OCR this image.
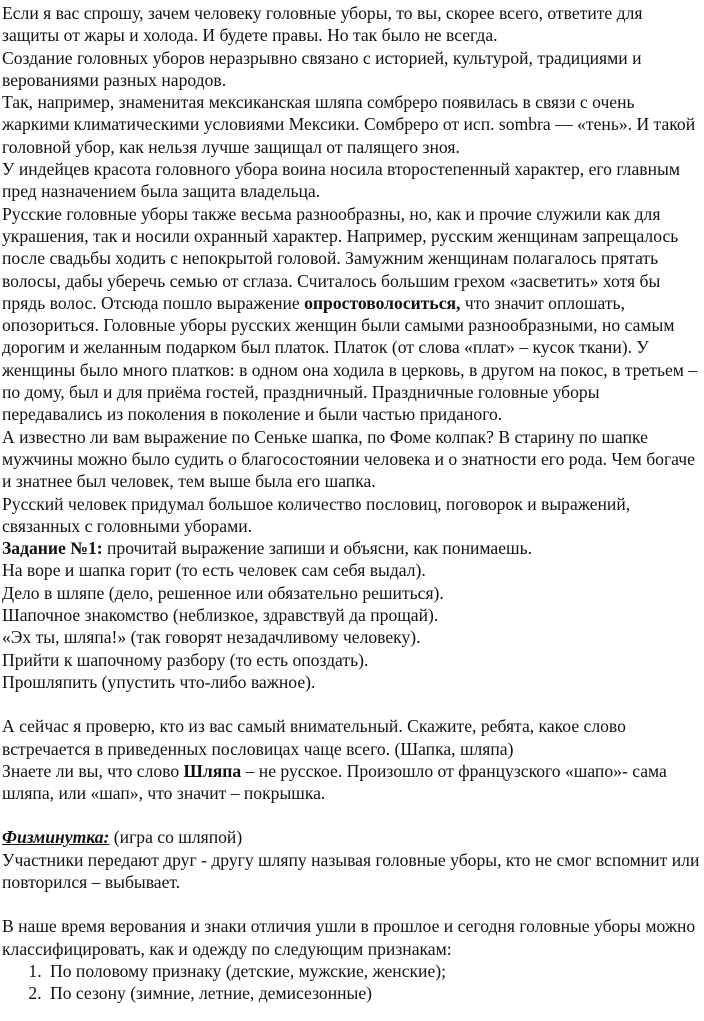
Если я вас спрошу, зачем человеку головные уборы, то вы, скорее всего, ответите для защиты от жары и холода. И будете правы. Но так было не всегда.

Создание головных уборов неразрывно связано с историей, культурой, традициями и верованиями разных народов.

Так, например, знаменитая мексиканская шляпа сомбреро появилась в связи с очень жаркими климатическими условиями Мексики. Сомбреро от исп. sombra — «тень». И такой головной убор, как нельзя лучше защищал от палящего зноя.

У индейцев красота головного убора воина носила второстепенный характер, его главным пред назначением была защита владельца.

Русские головные уборы также весьма разнообразны, но, как и прочие служили как для украшения, так и носили охранный характер. Например, русским женщинам запрещалось после свадьбы ходить с непокрытой головой. Замужним женщинам полагалось прятать волосы, дабы уберечь семью от сглаза. Считалось большим грехом «засветить» хотя бы прядь волос. Отсюда пошло выражение опростоволоситься, что значит оплошать, опозориться. Головные уборы русских женщин были самыми разнообразными, но самым дорогим и желанным подарком был платок. Платок (от слова «плат» – кусок ткани). У женщины было много платков: в одном она ходила в церковь, в другом на покос, в третьем – по дому, был и для приёма гостей, праздничный. Праздничные головные уборы передавались из поколения в поколение и были частью приданого.

А известно ли вам выражение по Сеньке шапка, по Фоме колпак? В старину по шапке мужчины можно было судить о благосостоянии человека и о знатности его рода. Чем богаче и знатнее был человек, тем выше была его шапка.

Русский человек придумал большое количество пословиц, поговорок и выражений, связанных с головными уборами.

Задание №1: прочитай выражение запиши и объясни, как понимаешь.

На воре и шапка горит (то есть человек сам себя выдал).

Дело в шляпе (дело, решенное или обязательно решиться).

Шапочное знакомство (неблизкое, здравствуй да прощай).

«Эх ты, шляпа!» (так говорят незадачливому человеку).

Прийти к шапочному разбору (то есть опоздать).

Прошляпить (упустить что-либо важное).

А сейчас я проверю, кто из вас самый внимательный. Скажите, ребята, какое слово встречается в приведенных пословицах чаще всего. (Шапка, шляпа)

Знаете ли вы, что слово Шляпа – не русское. Произошло от французского «шапо»- сама шляпа, или «шап», что значит – покрышка.

Физминутка: (игра со шляпой)

Участники передают друг - другу шляпу называя головные уборы, кто не смог вспомнит или повторился – выбывает.

В наше время верования и знаки отличия ушли в прошлое и сегодня головные уборы можно классифицировать, как и одежду по следующим признакам:

1. По половому признаку (детские, мужские, женские);
2. По сезону (зимние, летние, демисезонные)
